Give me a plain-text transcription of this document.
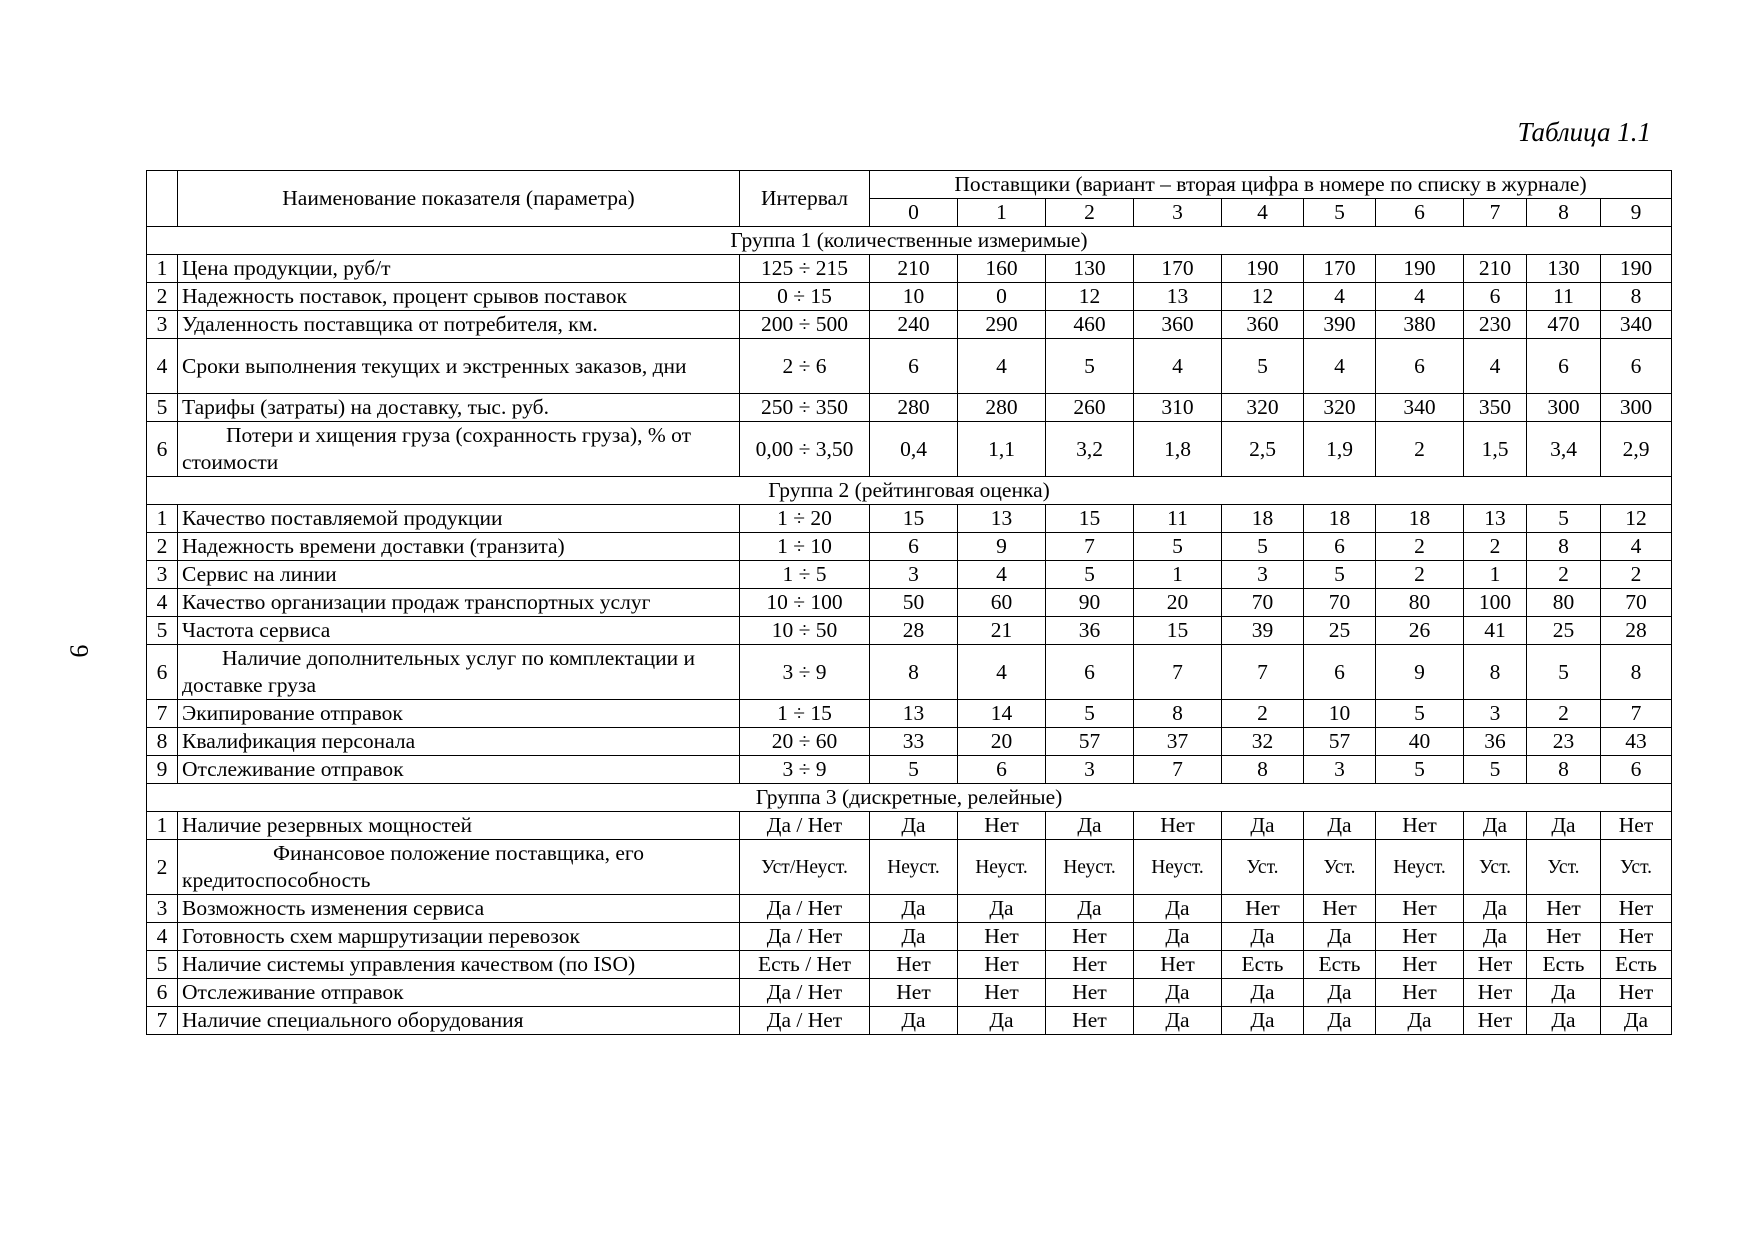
Таблица 1.1
9
	Наименование показателя (параметра)	Интервал	Поставщики (вариант – вторая цифра в номере по списку в журнале)									
			0	1	2	3	4	5	6	7	8	9
Группа 1 (количественные измеримые)												
1	Цена продукции, руб/т	125 ÷ 215	210	160	130	170	190	170	190	210	130	190
2	Надежность поставок, процент срывов поставок	0 ÷ 15	10	0	12	13	12	4	4	6	11	8
3	Удаленность поставщика от потребителя, км.	200 ÷ 500	240	290	460	360	360	390	380	230	470	340
4	Сроки выполнения текущих и экстренных заказов, дни	2 ÷ 6	6	4	5	4	5	4	6	4	6	6
5	Тарифы (затраты) на доставку, тыс. руб.	250 ÷ 350	280	280	260	310	320	320	340	350	300	300
6	Потери и хищения груза (сохранность груза), % от стоимости	0,00 ÷ 3,50	0,4	1,1	3,2	1,8	2,5	1,9	2	1,5	3,4	2,9
Группа 2 (рейтинговая оценка)												
1	Качество поставляемой продукции	1 ÷ 20	15	13	15	11	18	18	18	13	5	12
2	Надежность времени доставки (транзита)	1 ÷ 10	6	9	7	5	5	6	2	2	8	4
3	Сервис на линии	1 ÷ 5	3	4	5	1	3	5	2	1	2	2
4	Качество организации продаж транспортных услуг	10 ÷ 100	50	60	90	20	70	70	80	100	80	70
5	Частота сервиса	10 ÷ 50	28	21	36	15	39	25	26	41	25	28
6	Наличие дополнительных услуг по комплектации и доставке груза	3 ÷ 9	8	4	6	7	7	6	9	8	5	8
7	Экипирование отправок	1 ÷ 15	13	14	5	8	2	10	5	3	2	7
8	Квалификация персонала	20 ÷ 60	33	20	57	37	32	57	40	36	23	43
9	Отслеживание отправок	3 ÷ 9	5	6	3	7	8	3	5	5	8	6
Группа 3 (дискретные, релейные)												
1	Наличие резервных мощностей	Да / Нет	Да	Нет	Да	Нет	Да	Да	Нет	Да	Да	Нет
2	Финансовое положение поставщика, его кредитоспособность	Уст/Неуст.	Неуст.	Неуст.	Неуст.	Неуст.	Уст.	Уст.	Неуст.	Уст.	Уст.	Уст.
3	Возможность изменения сервиса	Да / Нет	Да	Да	Да	Да	Нет	Нет	Нет	Да	Нет	Нет
4	Готовность схем маршрутизации перевозок	Да / Нет	Да	Нет	Нет	Да	Да	Да	Нет	Да	Нет	Нет
5	Наличие системы управления качеством (по ISO)	Есть / Нет	Нет	Нет	Нет	Нет	Есть	Есть	Нет	Нет	Есть	Есть
6	Отслеживание отправок	Да / Нет	Нет	Нет	Нет	Да	Да	Да	Нет	Нет	Да	Нет
7	Наличие специального оборудования	Да / Нет	Да	Да	Нет	Да	Да	Да	Да	Нет	Да	Да
